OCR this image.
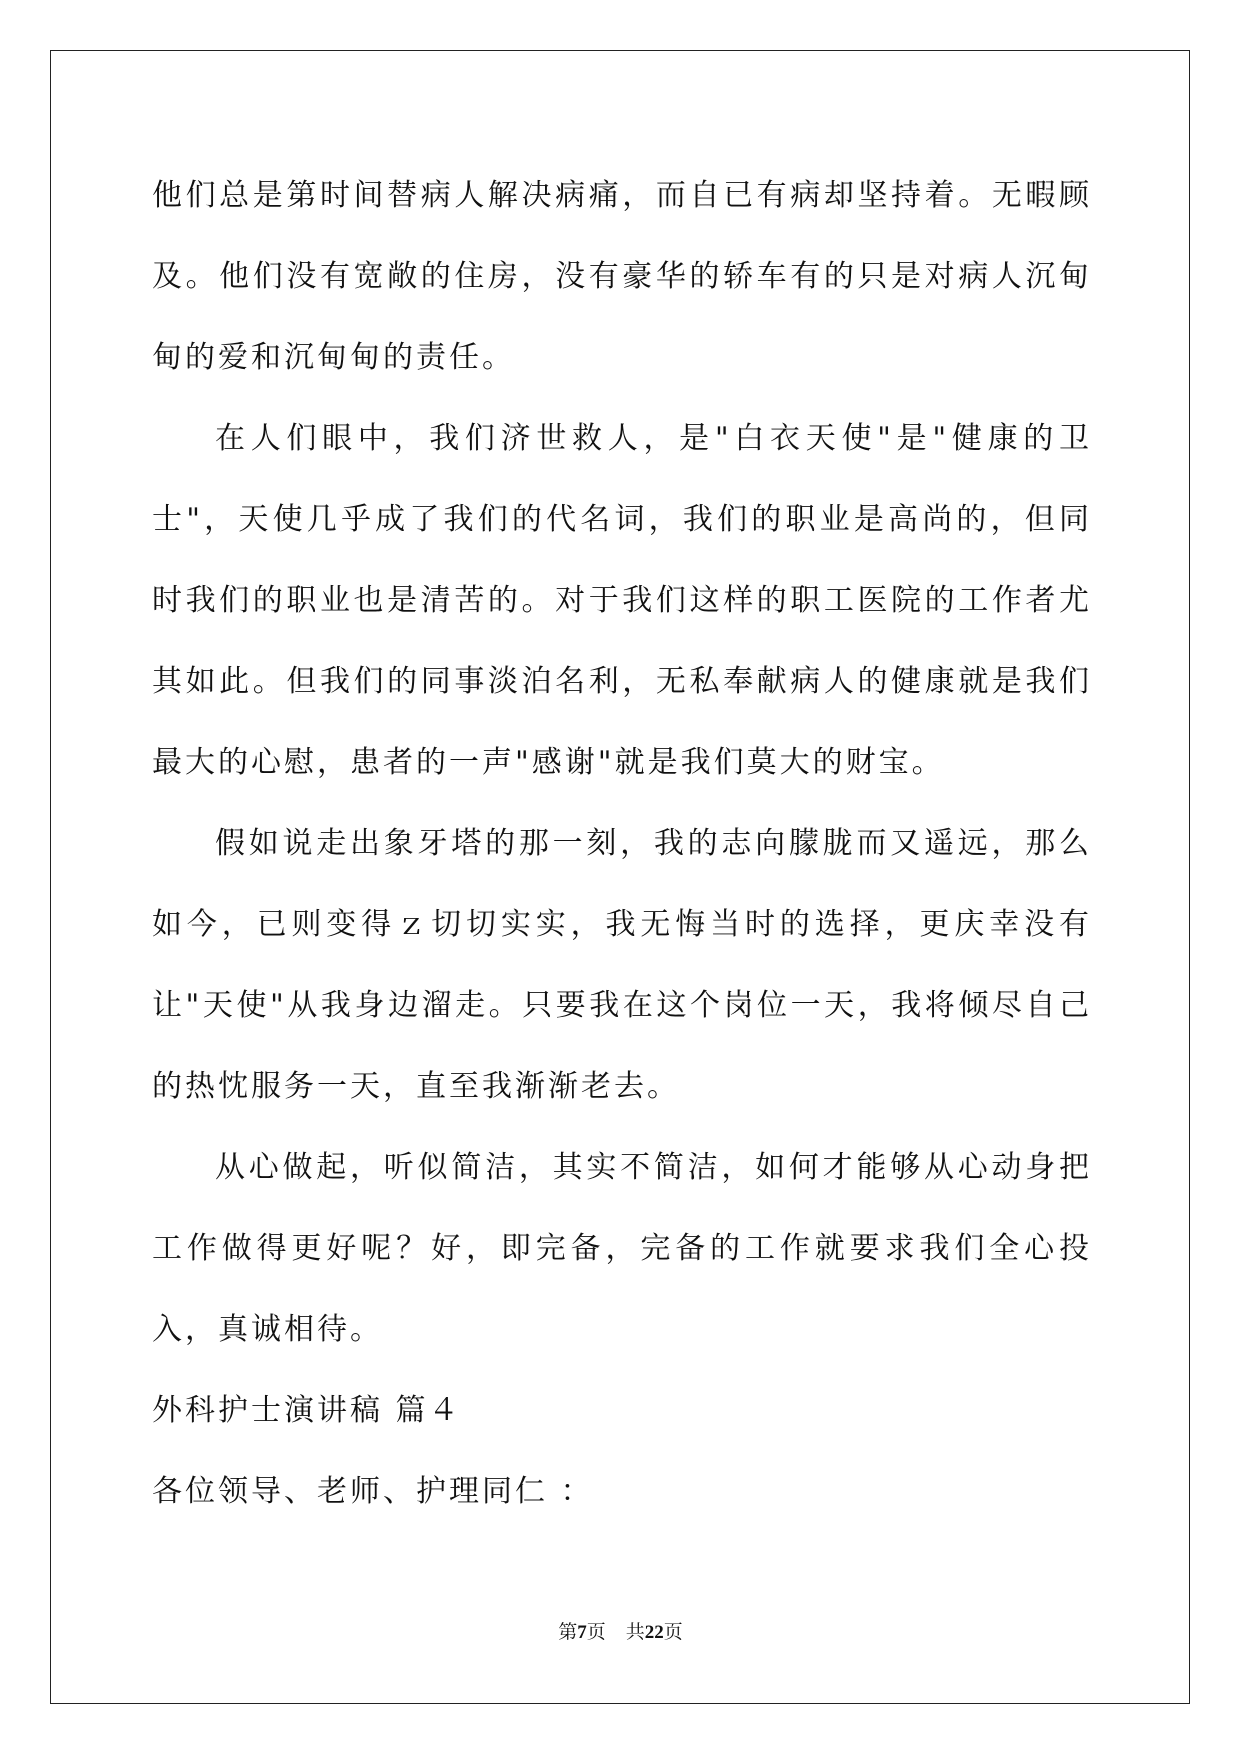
他们总是第时间替病人解决病痛，而自已有病却坚持着。无暇顾及。他们没有宽敞的住房，没有豪华的轿车有的只是对病人沉甸甸的爱和沉甸甸的责任。

在人们眼中，我们济世救人，是"白衣天使"是"健康的卫士"，天使几乎成了我们的代名词，我们的职业是高尚的，但同时我们的职业也是清苦的。对于我们这样的职工医院的工作者尤其如此。但我们的同事淡泊名利，无私奉献病人的健康就是我们最大的心慰，患者的一声"感谢"就是我们莫大的财宝。

假如说走出象牙塔的那一刻，我的志向朦胧而又遥远，那么如今，已则变得ｚ切切实实，我无悔当时的选择，更庆幸没有让"天使"从我身边溜走。只要我在这个岗位一天，我将倾尽自己的热忱服务一天，直至我渐渐老去。

从心做起，听似简洁，其实不简洁，如何才能够从心动身把工作做得更好呢？好，即完备，完备的工作就要求我们全心投入，真诚相待。

外科护士演讲稿 篇４

各位领导、老师、护理同仁 ：

第7页 共22页
